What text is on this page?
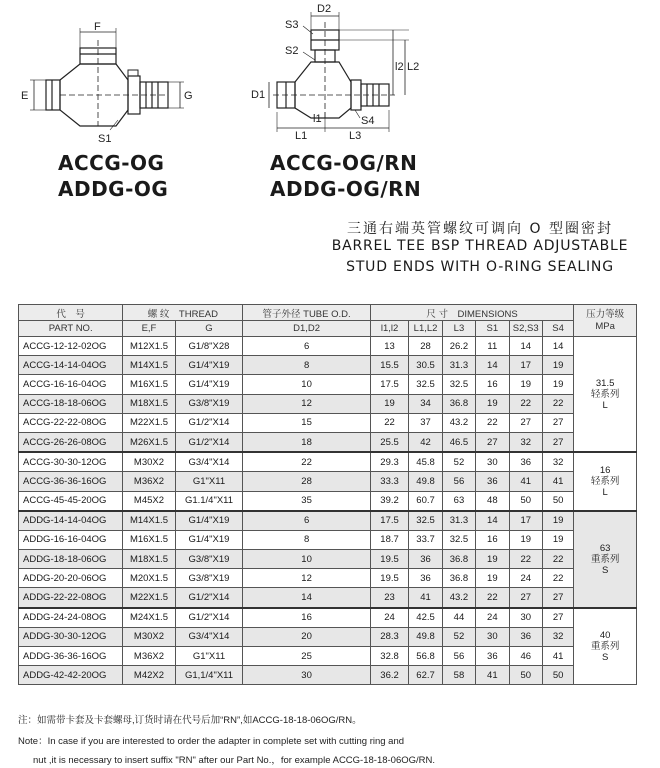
F
E	G
S1
D2
S3
S2
D1
l1
L1	L3
S4
l2 L2
ACCG-OG
ADDG-OG
ACCG-OG/RN
ADDG-OG/RN
三通右端英管螺纹可调向 O 型圈密封
BARREL TEE BSP THREAD ADJUSTABLE
STUD ENDS WITH O-RING SEALING
代　号	螺 纹　THREAD		管子外径 TUBE O.D.	尺 寸　DIMENSIONS						压力等级
MPa
PART NO.	E,F	G	D1,D2	l1,l2	L1,L2	L3	S1	S2,S3	S4	
ACCG-12-12-02OG	M12X1.5	G1/8"X28	6	13	28	26.2	11	14	14	31.5
轻系列
L

ACCG-14-14-04OG	M14X1.5	G1/4"X19	8	15.5	30.5	31.3	14	17	19	
ACCG-16-16-04OG	M16X1.5	G1/4"X19	10	17.5	32.5	32.5	16	19	19	
ACCG-18-18-06OG	M18X1.5	G3/8"X19	12	19	34	36.8	19	22	22	
ACCG-22-22-08OG	M22X1.5	G1/2"X14	15	22	37	43.2	22	27	27	
ACCG-26-26-08OG	M26X1.5	G1/2"X14	18	25.5	42	46.5	27	32	27	
ACCG-30-30-12OG	M30X2	G3/4"X14	22	29.3	45.8	52	30	36	32	16
轻系列
L

ACCG-36-36-16OG	M36X2	G1"X11	28	33.3	49.8	56	36	41	41	
ACCG-45-45-20OG	M45X2	G1.1/4"X11	35	39.2	60.7	63	48	50	50	
ADDG-14-14-04OG	M14X1.5	G1/4"X19	6	17.5	32.5	31.3	14	17	19	63
重系列
S

ADDG-16-16-04OG	M16X1.5	G1/4"X19	8	18.7	33.7	32.5	16	19	19	
ADDG-18-18-06OG	M18X1.5	G3/8"X19	10	19.5	36	36.8	19	22	22	
ADDG-20-20-06OG	M20X1.5	G3/8"X19	12	19.5	36	36.8	19	24	22	
ADDG-22-22-08OG	M22X1.5	G1/2"X14	14	23	41	43.2	22	27	27	
ADDG-24-24-08OG	M24X1.5	G1/2"X14	16	24	42.5	44	24	30	27	40
重系列
S

ADDG-30-30-12OG	M30X2	G3/4"X14	20	28.3	49.8	52	30	36	32	
ADDG-36-36-16OG	M36X2	G1"X11	25	32.8	56.8	56	36	46	41	
ADDG-42-42-20OG	M42X2	G1,1/4"X11	30	36.2	62.7	58	41	50	50	
注：如需带卡套及卡套螺母,订货时请在代号后加“RN”,如ACCG-18-18-06OG/RN。
Note：In case if you are interested to order the adapter in complete set with cutting ring and
nut ,it is necessary to insert suffix "RN" after our Part No.，for example ACCG-18-18-06OG/RN.
